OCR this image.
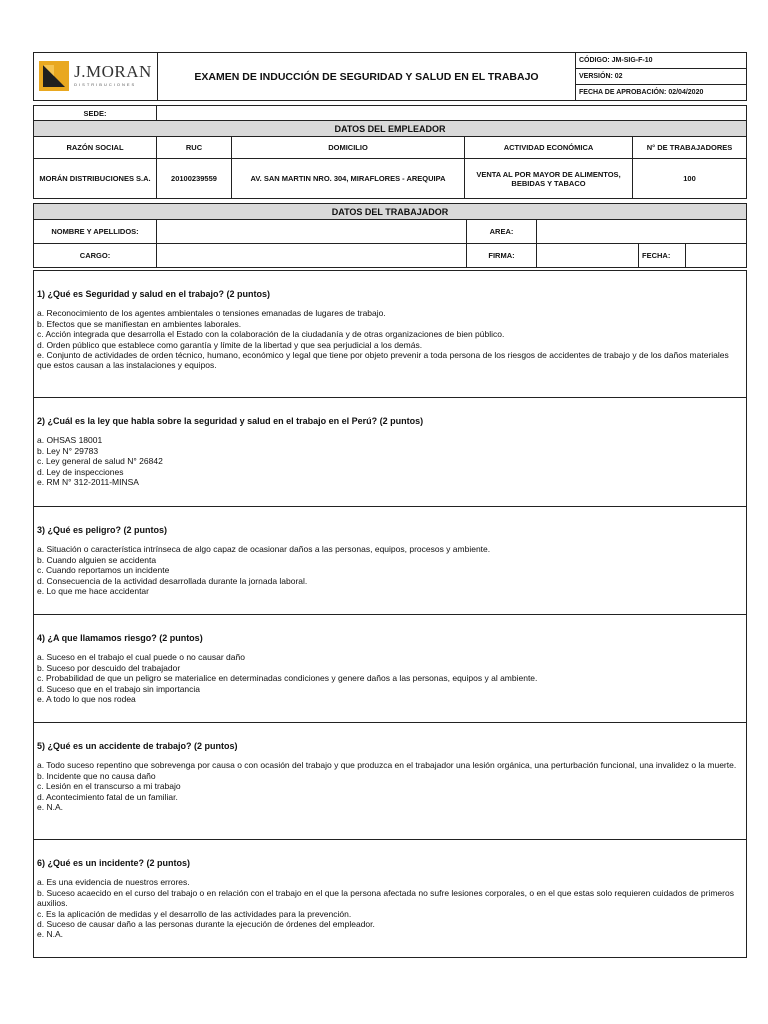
J.MORAN
DISTRIBUCIONES
	EXAMEN DE INDUCCIÓN DE SEGURIDAD Y SALUD EN EL TRABAJO	CÓDIGO: JM-SIG-F-10
VERSIÓN: 02
FECHA DE APROBACIÓN: 02/04/2020
SEDE:				
DATOS DEL EMPLEADOR				
RAZÓN SOCIAL	RUC	DOMICILIO	ACTIVIDAD ECONÓMICA	N° DE TRABAJADORES
MORÁN DISTRIBUCIONES S.A.	20100239559	AV. SAN MARTIN NRO. 304, MIRAFLORES - AREQUIPA	VENTA AL POR MAYOR DE ALIMENTOS, BEBIDAS Y TABACO	100
DATOS DEL TRABAJADOR					
NOMBRE Y APELLIDOS:		AREA:			
CARGO:		FIRMA:		FECHA:	
1) ¿Qué es Seguridad y salud en el trabajo? (2 puntos)

a. Reconocimiento de los agentes ambientales o tensiones emanadas de lugares de trabajo.

b. Efectos que se manifiestan en ambientes laborales.

c. Acción integrada que desarrolla el Estado con la colaboración de la ciudadanía y de otras organizaciones de bien público.

d. Orden público que establece como garantía y límite de la libertad y que sea perjudicial a los demás.

e. Conjunto de actividades de orden técnico, humano, económico y legal que tiene por objeto prevenir a toda persona de los riesgos de accidentes de trabajo y de los daños materiales que estos causan a las instalaciones y equipos.

2) ¿Cuál es la ley que habla sobre la seguridad y salud en el trabajo en el Perú? (2 puntos)

a. OHSAS 18001

b. Ley N° 29783

c. Ley general de salud N° 26842

d. Ley de inspecciones

e. RM N° 312-2011-MINSA

3) ¿Qué es peligro? (2 puntos)

a. Situación o característica intrínseca de algo capaz de ocasionar daños a las personas, equipos, procesos y ambiente.

b. Cuando alguien se accidenta

c. Cuando reportamos un incidente

d. Consecuencia de la actividad desarrollada durante la jornada laboral.

e. Lo que me hace accidentar

4) ¿A que llamamos riesgo? (2 puntos)

a. Suceso en el trabajo el cual puede o no causar daño

b. Suceso por descuido del trabajador

c. Probabilidad de que un peligro se materialice en determinadas condiciones y genere daños a las personas, equipos y al ambiente.

d. Suceso que en el trabajo sin importancia

e. A todo lo que nos rodea

5) ¿Qué es un accidente de trabajo? (2 puntos)

a. Todo suceso repentino que sobrevenga por causa o con ocasión del trabajo y que produzca en el trabajador una lesión orgánica, una perturbación funcional, una invalidez o la muerte.

b. Incidente que no causa daño

c. Lesión en el transcurso a mi trabajo

d. Acontecimiento fatal de un familiar.

e. N.A.

6) ¿Qué es un incidente? (2 puntos)

a. Es una evidencia de nuestros errores.

b. Suceso acaecido en el curso del trabajo o en relación con el trabajo en el que la persona afectada no sufre lesiones corporales, o en el que estas solo requieren cuidados de primeros auxilios.

c. Es la aplicación de medidas y el desarrollo de las actividades para la prevención.

d. Suceso de causar daño a las personas durante la ejecución de órdenes del empleador.

e. N.A.
